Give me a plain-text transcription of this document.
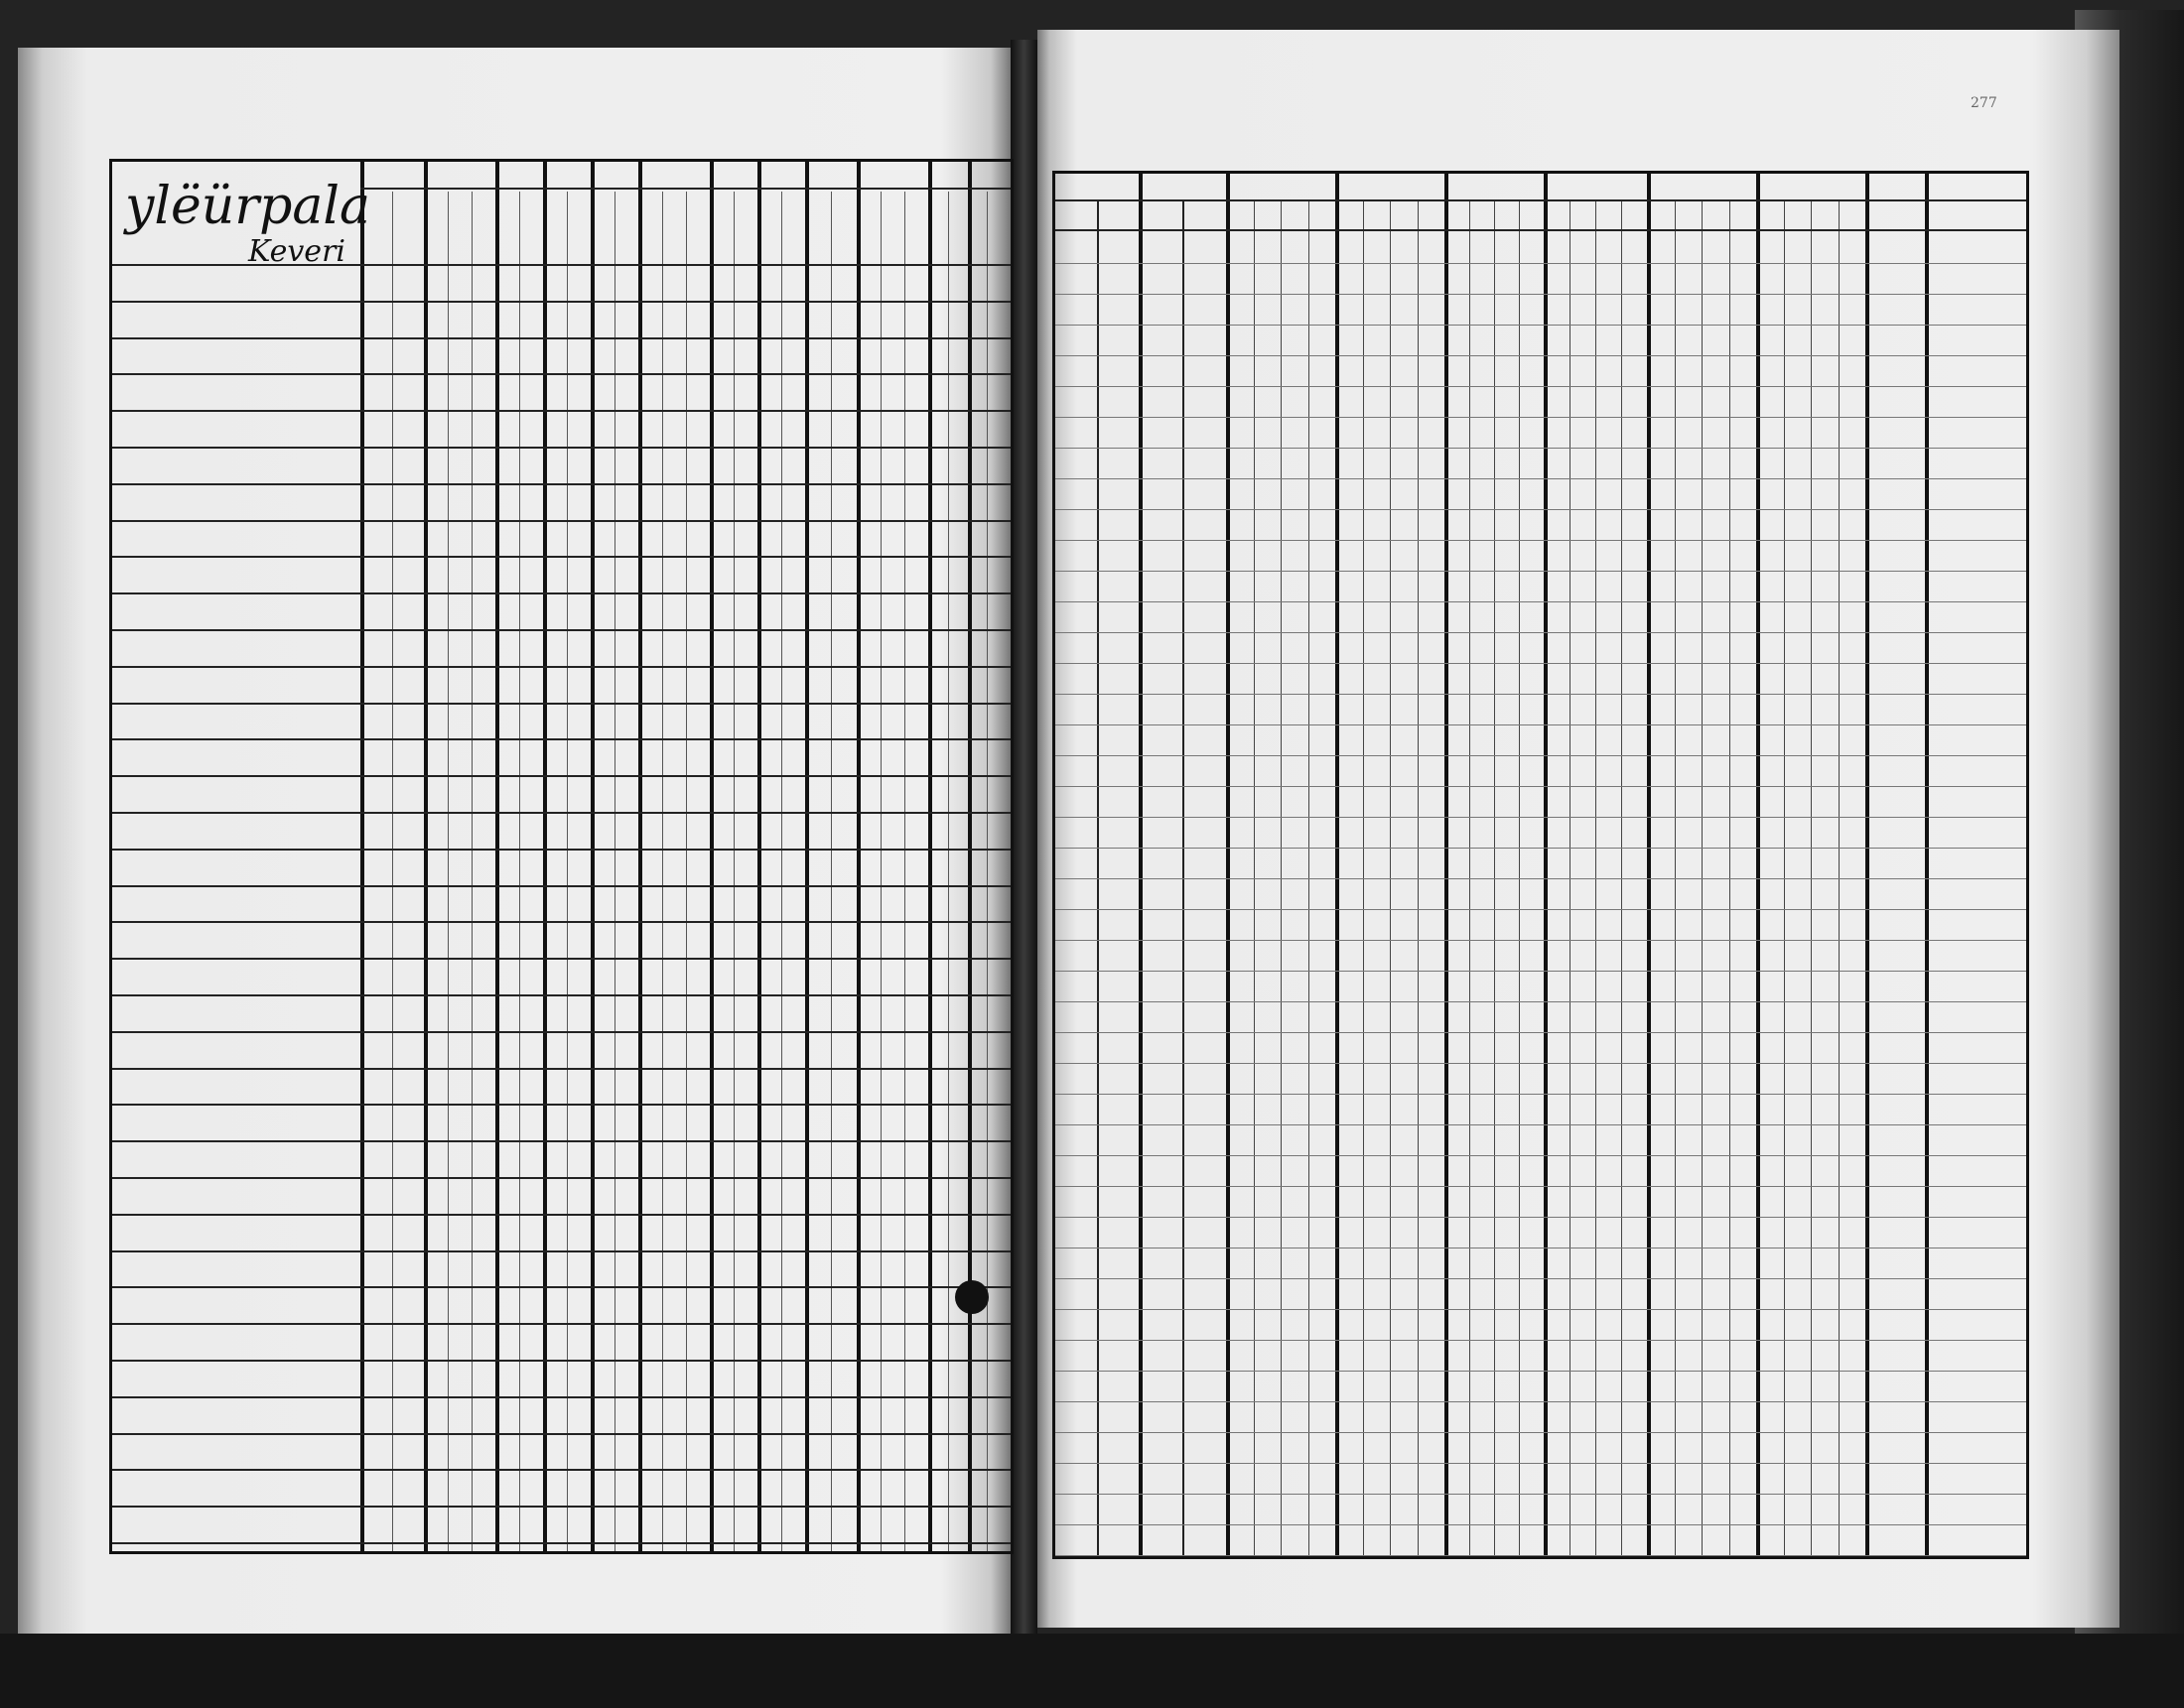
ylëürpala
Keveri
277
